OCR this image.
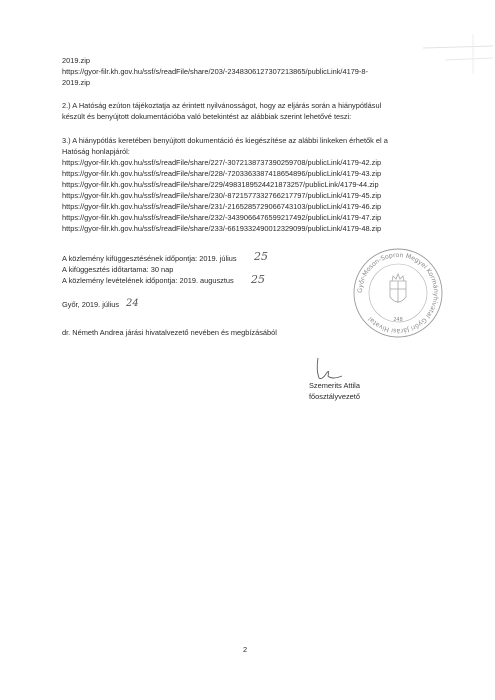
2019.zip
https://gyor-filr.kh.gov.hu/ssf/s/readFile/share/203/-2348306127307213865/publicLink/4179-8-
2019.zip
2.) A Hatóság ezúton tájékoztatja az érintett nyilvánosságot, hogy az eljárás során a hiánypótlásul
készült és benyújtott dokumentációba való betekintést az alábbiak szerint lehetővé teszi:
3.) A hiánypótlás keretében benyújtott dokumentáció és kiegészítése az alábbi linkeken érhetők el a
Hatóság honlapjáról:
https://gyor-filr.kh.gov.hu/ssf/s/readFile/share/227/-3072138737390259708/publicLink/4179-42.zip
https://gyor-filr.kh.gov.hu/ssf/s/readFile/share/228/-7203363387418654896/publicLink/4179-43.zip
https://gyor-filr.kh.gov.hu/ssf/s/readFile/share/229/4983189524421873257/publicLink/4179-44.zip
https://gyor-filr.kh.gov.hu/ssf/s/readFile/share/230/-8721577332766217797/publicLink/4179-45.zip
https://gyor-filr.kh.gov.hu/ssf/s/readFile/share/231/-2165285729066743103/publicLink/4179-46.zip
https://gyor-filr.kh.gov.hu/ssf/s/readFile/share/232/-3439066476599217492/publicLink/4179-47.zip
https://gyor-filr.kh.gov.hu/ssf/s/readFile/share/233/-6619332490012329099/publicLink/4179-48.zip
A közlemény kifüggesztésének időpontja: 2019. július 25
A kifüggesztés időtartama: 30 nap
A közlemény levételének időpontja: 2019. augusztus 25
Győr, 2019. július 24
dr. Németh Andrea járási hivatalvezető nevében és megbízásából
Győr-Moson-Sopron Megyei Kormányhivatal Győri Járási Hivatal	248
Szemerits Attila
főosztályvezető
2
